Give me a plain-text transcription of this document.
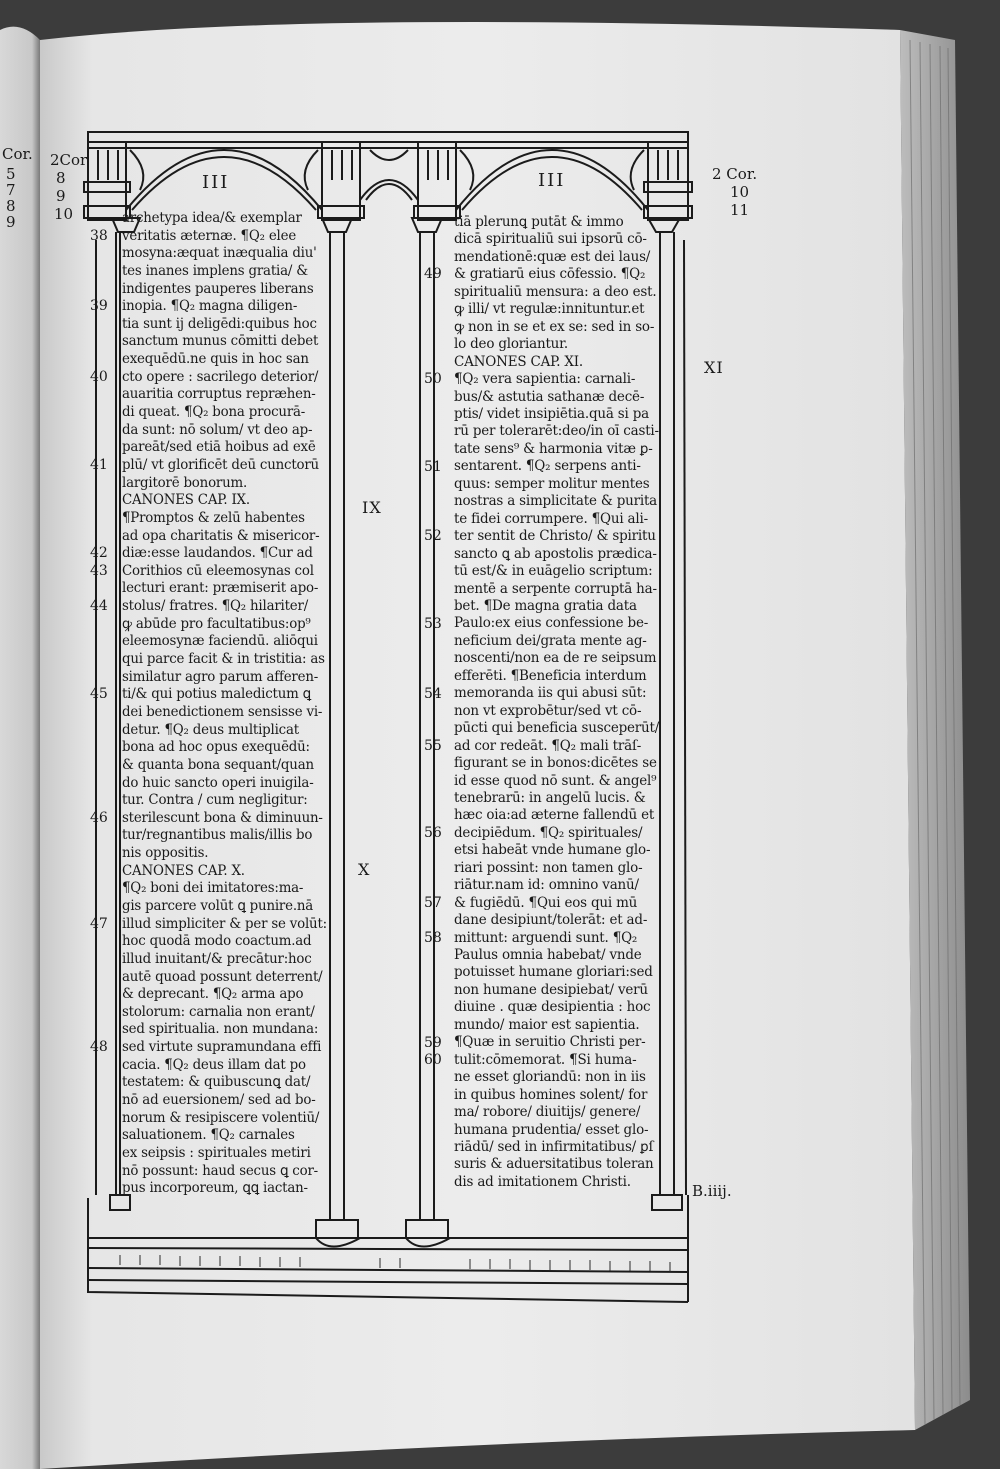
Cor.
5
7
8
9
2Cor
8
9
10
2 Cor.
10
11
III	III
IX
X
XI
archetypa idea/& exemplar
veritatis æternæ. ¶Q₂ elee
mosyna:æquat inæqualia diu'
tes inanes implens gratia/ &
indigentes pauperes liberans
inopia. ¶Q₂ magna diligen-
tia sunt ij deligēdi:quibus hoc
sanctum munus cōmitti debet
exequēdū.ne quis in hoc san
cto opere : sacrilego deterior/
auaritia corruptus repræhen-
di queat. ¶Q₂ bona procurā-
da sunt: nō solum/ vt deo ap-
pareāt/sed etiā hoibus ad exē
plū/ vt glorificēt deū cunctorū
largitorē bonorum.
CANONES CAP. IX.
¶Promptos & zelū habentes
ad opa charitatis & misericor-
diæ:esse laudandos. ¶Cur ad
Corithios cū eleemosynas col
lecturi erant: præmiserit apo-
stolus/ fratres. ¶Q₂ hilariter/
ꝙ abūde pro facultatibus:op⁹
eleemosynæ faciendū. aliōqui
qui parce facit & in tristitia: as
similatur agro parum afferen-
ti/& qui potius maledictum ꝗ
dei benedictionem sensisse vi-
detur. ¶Q₂ deus multiplicat
bona ad hoc opus exequēdū:
& quanta bona sequant/quan
do huic sancto operi inuigila-
tur. Contra / cum negligitur:
sterilescunt bona & diminuun-
tur/regnantibus malis/illis bo
nis oppositis.
CANONES CAP. X.
¶Q₂ boni dei imitatores:ma-
gis parcere volūt ꝗ punire.nā
illud simpliciter & per se volūt:
hoc quodā modo coactum.ad
illud inuitant/& precātur:hoc
autē quoad possunt deterrent/
& deprecant. ¶Q₂ arma apo
stolorum: carnalia non erant/
sed spiritualia. non mundana:
sed virtute supramundana effi
cacia. ¶Q₂ deus illam dat po
testatem: & quibuscunꝗ dat/
nō ad euersionem/ sed ad bo-
norum & resipiscere volentiū/
saluationem. ¶Q₂ carnales
ex seipsis : spirituales metiri
nō possunt: haud secus ꝗ cor-
pus incorporeum, ꝗꝗ iactan-
38
39
40
41
42
43
44
45
46
47
48
tiā plerunꝗ putāt & immo
dicā spiritualiū sui ipsorū cō-
mendationē:quæ est dei laus/
& gratiarū eius cōfessio. ¶Q₂
spiritualiū mensura: a deo est.
ꝙ illi/ vt regulæ:innituntur.et
ꝙ non in se et ex se: sed in so-
lo deo gloriantur.
CANONES CAP. XI.
¶Q₂ vera sapientia: carnali-
bus/& astutia sathanæ decē-
ptis/ videt insipiētia.quā si pa
rū per tolerarēt:deo/in oī casti-
tate sens⁹ & harmonia vitæ ꝑ-
sentarent. ¶Q₂ serpens anti-
quus: semper molitur mentes
nostras a simplicitate & purita
te fidei corrumpere. ¶Qui ali-
ter sentit de Christo/ & spiritu
sancto ꝗ ab apostolis prædica-
tū est/& in euāgelio scriptum:
mentē a serpente corruptā ha-
bet. ¶De magna gratia data
Paulo:ex eius confessione be-
neficium dei/grata mente ag-
noscenti/non ea de re seipsum
efferēti. ¶Beneficia interdum
memoranda iis qui abusi sūt:
non vt exprobētur/sed vt cō-
pūcti qui beneficia susceperūt/
ad cor redeāt. ¶Q₂ mali trāſ-
figurant se in bonos:dicētes se
id esse quod nō sunt. & angel⁹
tenebrarū: in angelū lucis. &
hæc oia:ad æterne fallendū et
decipiēdum. ¶Q₂ spirituales/
etsi habeāt vnde humane glo-
riari possint: non tamen glo-
riātur.nam id: omnino vanū/
& fugiēdū. ¶Qui eos qui mū
dane desipiunt/tolerāt: et ad-
mittunt: arguendi sunt. ¶Q₂
Paulus omnia habebat/ vnde
potuisset humane gloriari:sed
non humane desipiebat/ verū
diuine . quæ desipientia : hoc
mundo/ maior est sapientia.
¶Quæ in seruitio Christi per-
tulit:cōmemorat. ¶Si huma-
ne esset gloriandū: non in iis
in quibus homines solent/ for
ma/ robore/ diuitijs/ genere/
humana prudentia/ esset glo-
riādū/ sed in infirmitatibus/ ꝑſ
suris & aduersitatibus toleran
dis ad imitationem Christi.
49
50
51
52
53
54
55
56
57
58
59
60
B.iiij.
